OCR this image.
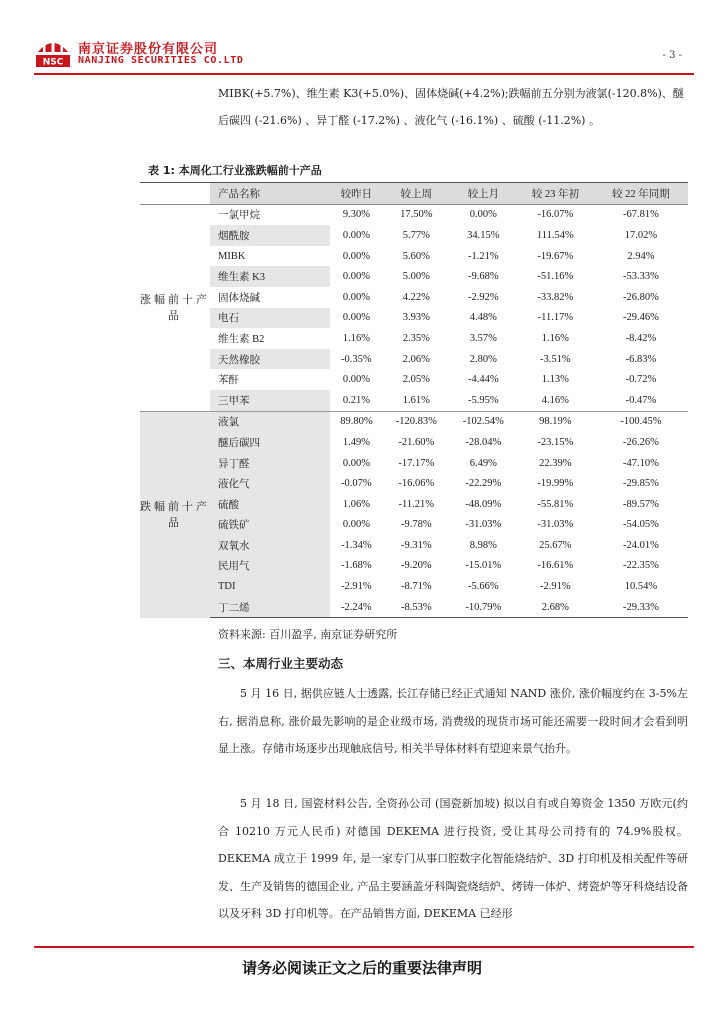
NSC
南京证券股份有限公司
NANJING SECURITIES CO.LTD	- 3 -

MIBK(+5.7%)、维生素 K3(+5.0%)、固体烧碱(+4.2%);跌幅前五分别为液氯(-120.8%)、醚后碳四 (-21.6%) 、异丁醛 (-17.2%) 、液化气 (-16.1%) 、硫酸 (-11.2%) 。

表 1: 本周化工行业涨跌幅前十产品

	产品名称	较昨日	较上周	较上月	较 23 年初	较 22 年同期
涨幅前十产品	一氯甲烷	9.30%	17.50%	0.00%	-16.07%	-67.81%
	烟酰胺	0.00%	5.77%	34.15%	111.54%	17.02%
	MIBK	0.00%	5.60%	-1.21%	-19.67%	2.94%
	维生素 K3	0.00%	5.00%	-9.68%	-51.16%	-53.33%
	固体烧碱	0.00%	4.22%	-2.92%	-33.82%	-26.80%
	电石	0.00%	3.93%	4.48%	-11.17%	-29.46%
	维生素 B2	1.16%	2.35%	3.57%	1.16%	-8.42%
	天然橡胶	-0.35%	2.06%	2.80%	-3.51%	-6.83%
	苯酐	0.00%	2.05%	-4.44%	1.13%	-0.72%
	三甲苯	0.21%	1.61%	-5.95%	4.16%	-0.47%
跌幅前十产品	液氯	89.80%	-120.83%	-102.54%	98.19%	-100.45%
	醚后碳四	1.49%	-21.60%	-28.04%	-23.15%	-26.26%
	异丁醛	0.00%	-17.17%	6.49%	22.39%	-47.10%
	液化气	-0.07%	-16.06%	-22.29%	-19.99%	-29.85%
	硫酸	1.06%	-11.21%	-48.09%	-55.81%	-89.57%
	硫铁矿	0.00%	-9.78%	-31.03%	-31.03%	-54.05%
	双氧水	-1.34%	-9.31%	8.98%	25.67%	-24.01%
	民用气	-1.68%	-9.20%	-15.01%	-16.61%	-22.35%
	TDI	-2.91%	-8.71%	-5.66%	-2.91%	10.54%
	丁二烯	-2.24%	-8.53%	-10.79%	2.68%	-29.33%

资料来源: 百川盈孚, 南京证券研究所

三、本周行业主要动态

5 月 16 日, 据供应链人士透露, 长江存储已经正式通知 NAND 涨价, 涨价幅度约在 3-5%左右, 据消息称, 涨价最先影响的是企业级市场, 消费级的现货市场可能还需要一段时间才会看到明显上涨。存储市场逐步出现触底信号, 相关半导体材料有望迎来景气抬升。

5 月 18 日, 国瓷材料公告, 全资孙公司 (国瓷新加坡) 拟以自有或自筹资金 1350 万欧元(约合 10210 万元人民币) 对德国 DEKEMA 进行投资, 受让其母公司持有的 74.9%股权。DEKEMA 成立于 1999 年, 是一家专门从事口腔数字化智能烧结炉、3D 打印机及相关配件等研发、生产及销售的德国企业, 产品主要涵盖牙科陶瓷烧结炉、烤铸一体炉、烤瓷炉等牙科烧结设备以及牙科 3D 打印机等。在产品销售方面, DEKEMA 已经形

请务必阅读正文之后的重要法律声明
